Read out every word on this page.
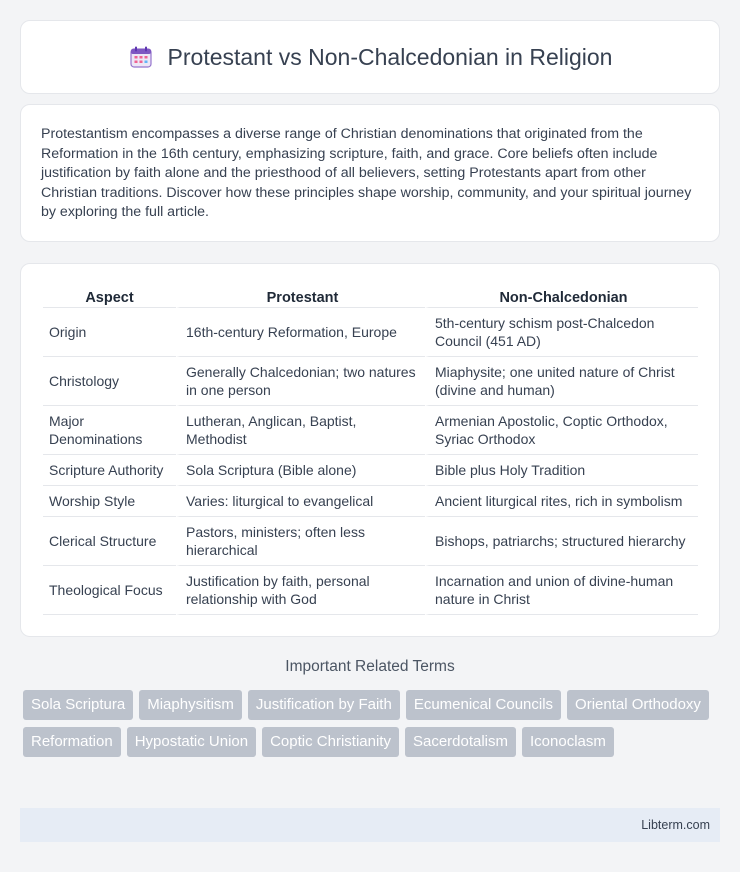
Protestant vs Non-Chalcedonian in Religion

Protestantism encompasses a diverse range of Christian denominations that originated from the Reformation in the 16th century, emphasizing scripture, faith, and grace. Core beliefs often include justification by faith alone and the priesthood of all believers, setting Protestants apart from other Christian traditions. Discover how these principles shape worship, community, and your spiritual journey by exploring the full article.

Aspect	Protestant	Non-Chalcedonian
Origin	16th-century Reformation, Europe	5th-century schism post-Chalcedon Council (451 AD)
Christology	Generally Chalcedonian; two natures in one person	Miaphysite; one united nature of Christ (divine and human)
Major Denominations	Lutheran, Anglican, Baptist, Methodist	Armenian Apostolic, Coptic Orthodox, Syriac Orthodox
Scripture Authority	Sola Scriptura (Bible alone)	Bible plus Holy Tradition
Worship Style	Varies: liturgical to evangelical	Ancient liturgical rites, rich in symbolism
Clerical Structure	Pastors, ministers; often less hierarchical	Bishops, patriarchs; structured hierarchy
Theological Focus	Justification by faith, personal relationship with God	Incarnation and union of divine-human nature in Christ
Important Related Terms
Sola Scriptura	Miaphysitism	Justification by Faith	Ecumenical Councils	Oriental Orthodoxy
Reformation	Hypostatic Union	Coptic Christianity	Sacerdotalism	Iconoclasm
Libterm.com
